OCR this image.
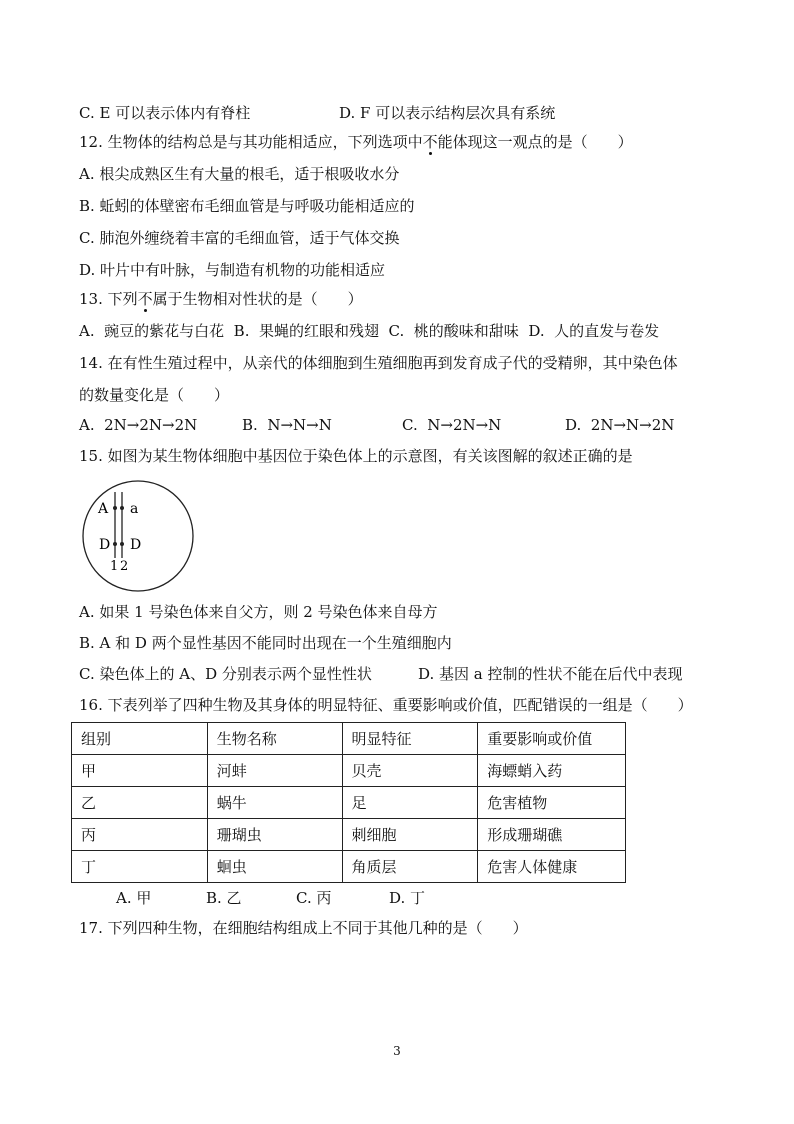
C. E 可以表示体内有脊柱	D. F 可以表示结构层次具有系统
12. 生物体的结构总是与其功能相适应，下列选项中不能体现这一观点的是（　　）
A. 根尖成熟区生有大量的根毛，适于根吸收水分
B. 蚯蚓的体壁密布毛细血管是与呼吸功能相适应的
C. 肺泡外缠绕着丰富的毛细血管，适于气体交换
D. 叶片中有叶脉，与制造有机物的功能相适应
13. 下列不属于生物相对性状的是（　　）
A.  豌豆的紫花与白花  B.  果蝇的红眼和残翅  C.  桃的酸味和甜味  D.  人的直发与卷发
14. 在有性生殖过程中，从亲代的体细胞到生殖细胞再到发育成子代的受精卵，其中染色体
的数量变化是（　　）
A.  2N→2N→2N	B.  N→N→N	C.  N→2N→N	D.  2N→N→2N
15. 如图为某生物体细胞中基因位于染色体上的示意图，有关该图解的叙述正确的是
A a
D D
1 2
A. 如果 1 号染色体来自父方，则 2 号染色体来自母方
B. A 和 D 两个显性基因不能同时出现在一个生殖细胞内
C. 染色体上的 A、D 分别表示两个显性性状	D. 基因 a 控制的性状不能在后代中表现
16. 下表列举了四种生物及其身体的明显特征、重要影响或价值，匹配错误的一组是（　　）
组别	生物名称	明显特征	重要影响或价值
甲	河蚌	贝壳	海螵蛸入药
乙	蜗牛	足	危害植物
丙	珊瑚虫	刺细胞	形成珊瑚礁
丁	蛔虫	角质层	危害人体健康
A. 甲	B. 乙	C. 丙	D. 丁
17. 下列四种生物，在细胞结构组成上不同于其他几种的是（　　）
3
